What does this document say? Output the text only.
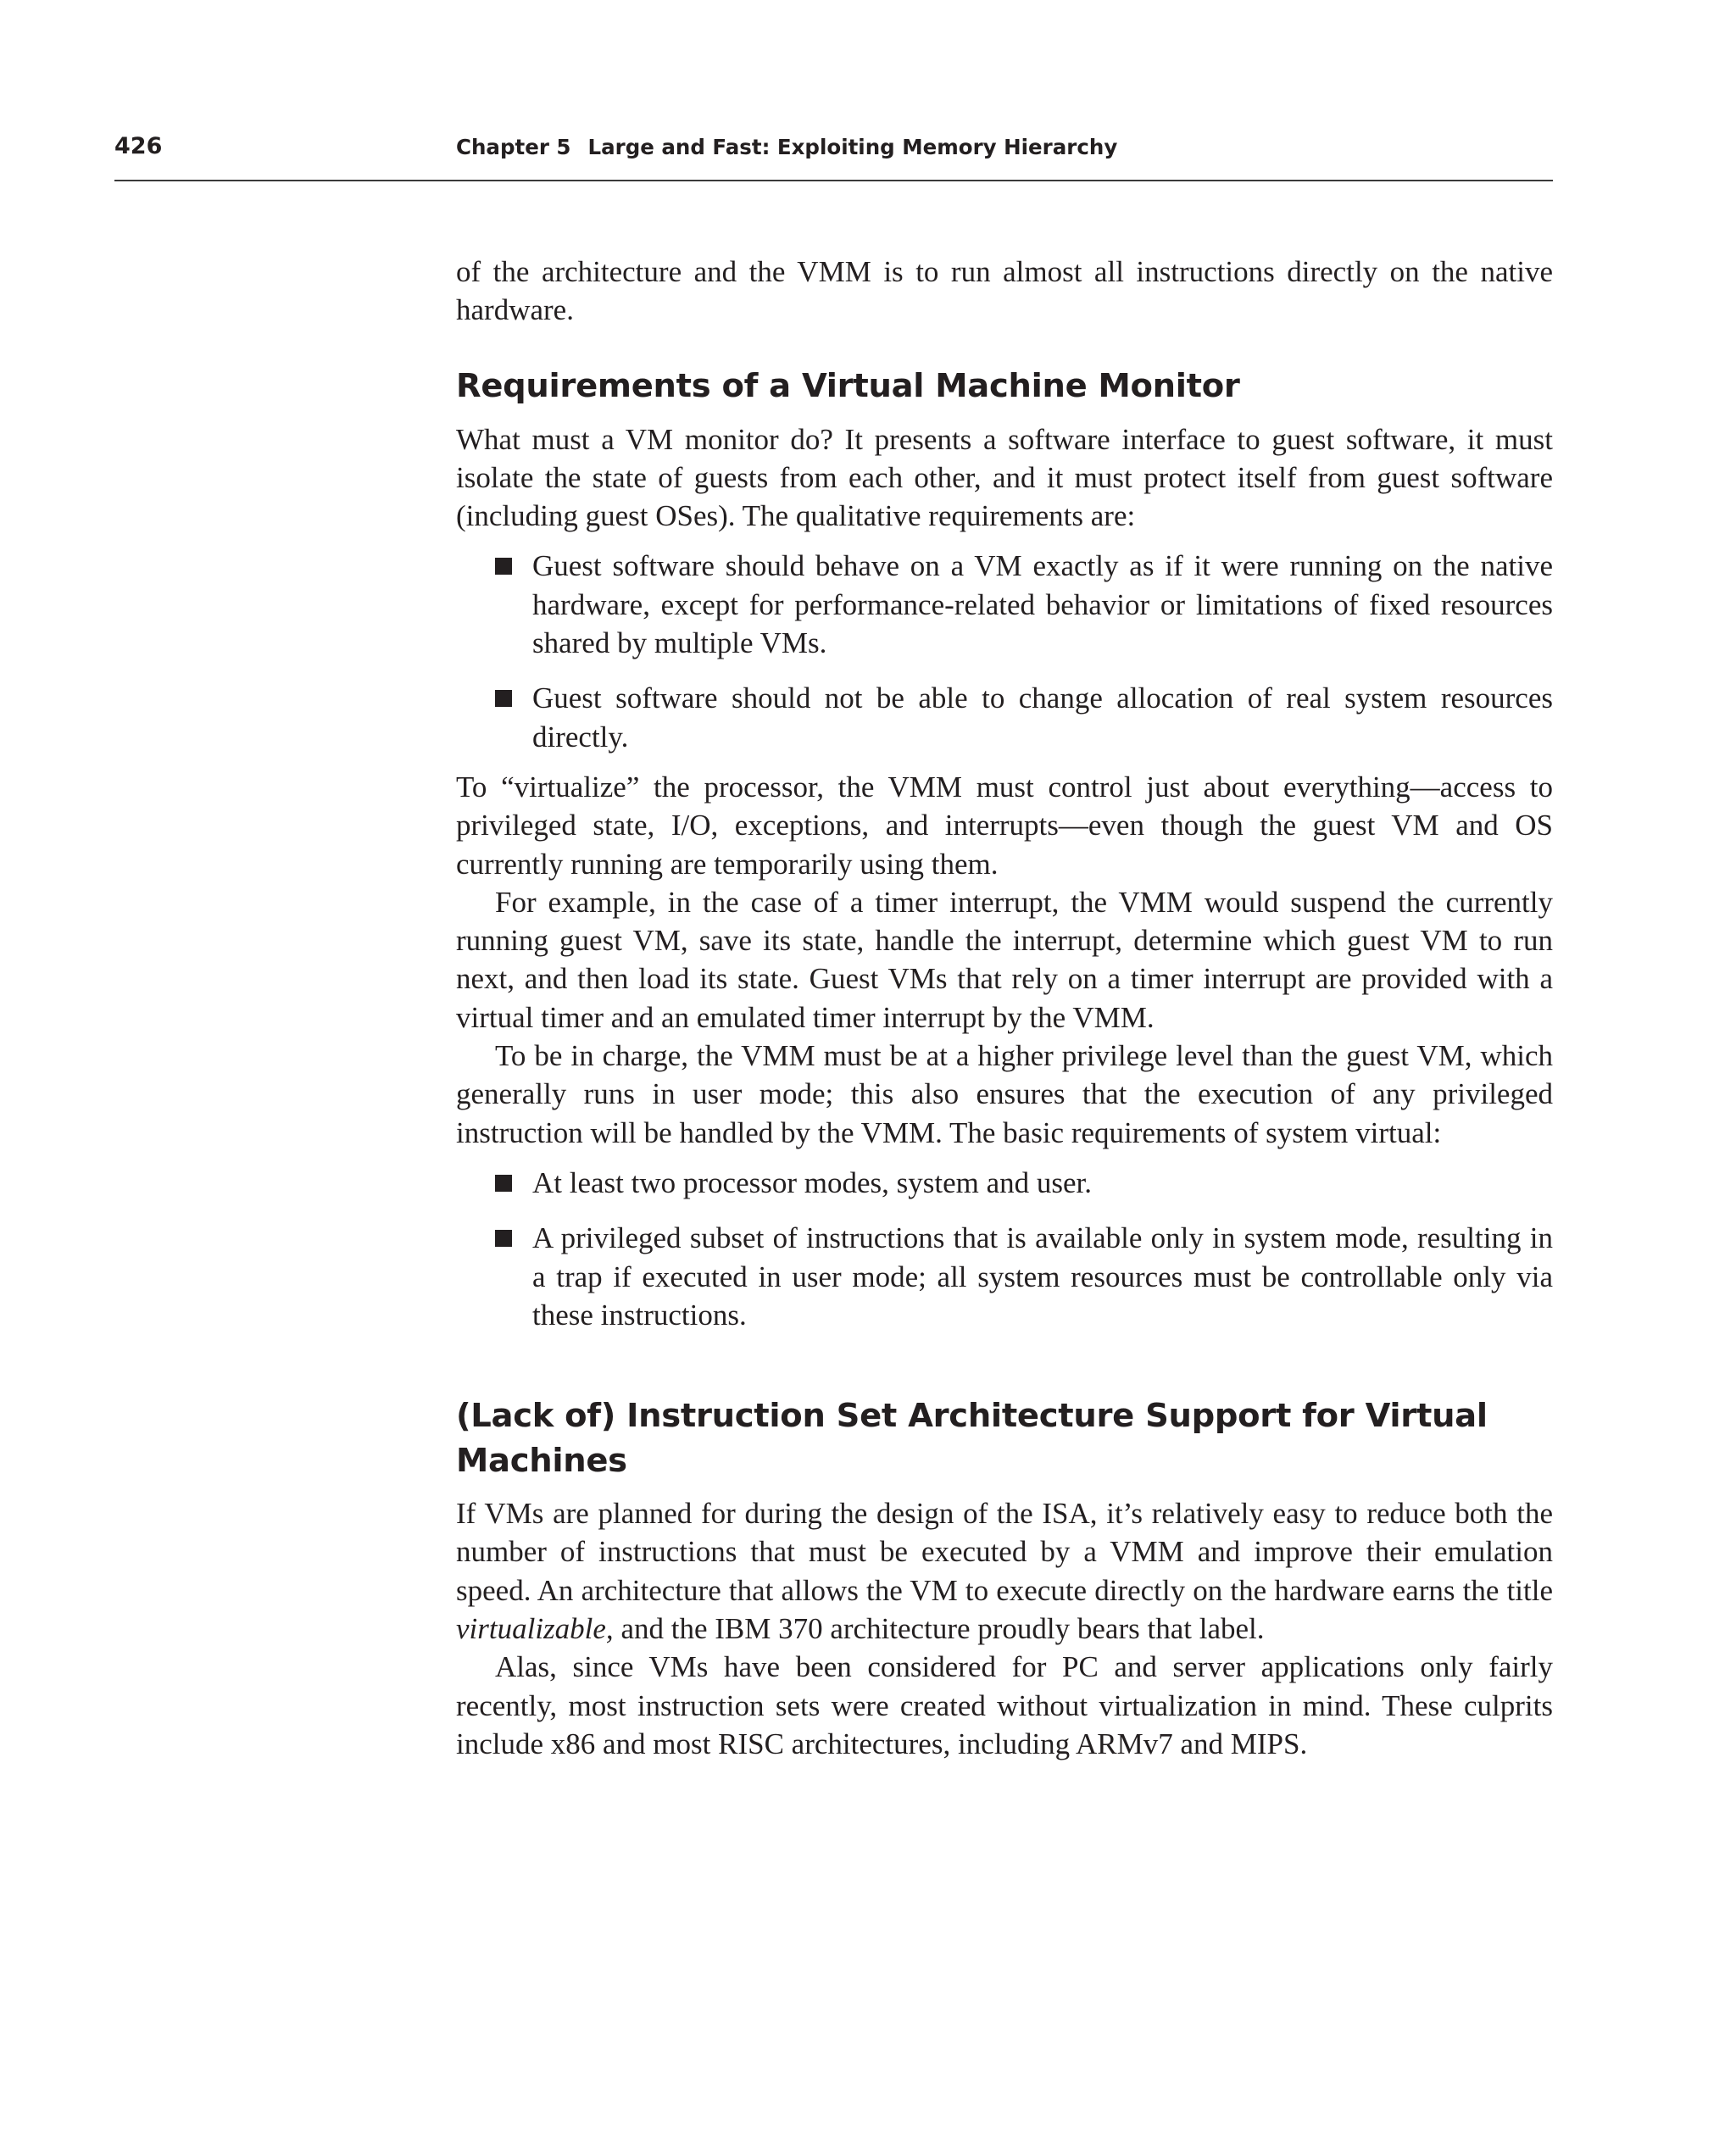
426	Chapter 5 Large and Fast: Exploiting Memory Hierarchy

of the architecture and the VMM is to run almost all instructions directly on the native hardware.

Requirements of a Virtual Machine Monitor

What must a VM monitor do? It presents a software interface to guest software, it must isolate the state of guests from each other, and it must protect itself from guest software (including guest OSes). The qualitative requirements are:

Guest software should behave on a VM exactly as if it were running on the native hardware, except for performance-related behavior or limitations of fixed resources shared by multiple VMs.
Guest software should not be able to change allocation of real system resources directly.

To “virtualize” the processor, the VMM must control just about everything—access to privileged state, I/O, exceptions, and interrupts—even though the guest VM and OS currently running are temporarily using them.

For example, in the case of a timer interrupt, the VMM would suspend the currently running guest VM, save its state, handle the interrupt, determine which guest VM to run next, and then load its state. Guest VMs that rely on a timer interrupt are provided with a virtual timer and an emulated timer interrupt by the VMM.

To be in charge, the VMM must be at a higher privilege level than the guest VM, which generally runs in user mode; this also ensures that the execution of any privileged instruction will be handled by the VMM. The basic requirements of system virtual:

At least two processor modes, system and user.
A privileged subset of instructions that is available only in system mode, resulting in a trap if executed in user mode; all system resources must be controllable only via these instructions.
(Lack of) Instruction Set Architecture Support for Virtual Machines

If VMs are planned for during the design of the ISA, it’s relatively easy to reduce both the number of instructions that must be executed by a VMM and improve their emulation speed. An architecture that allows the VM to execute directly on the hardware earns the title virtualizable, and the IBM 370 architecture proudly bears that label.

Alas, since VMs have been considered for PC and server applications only fairly recently, most instruction sets were created without virtualization in mind. These culprits include x86 and most RISC architectures, including ARMv7 and MIPS.
